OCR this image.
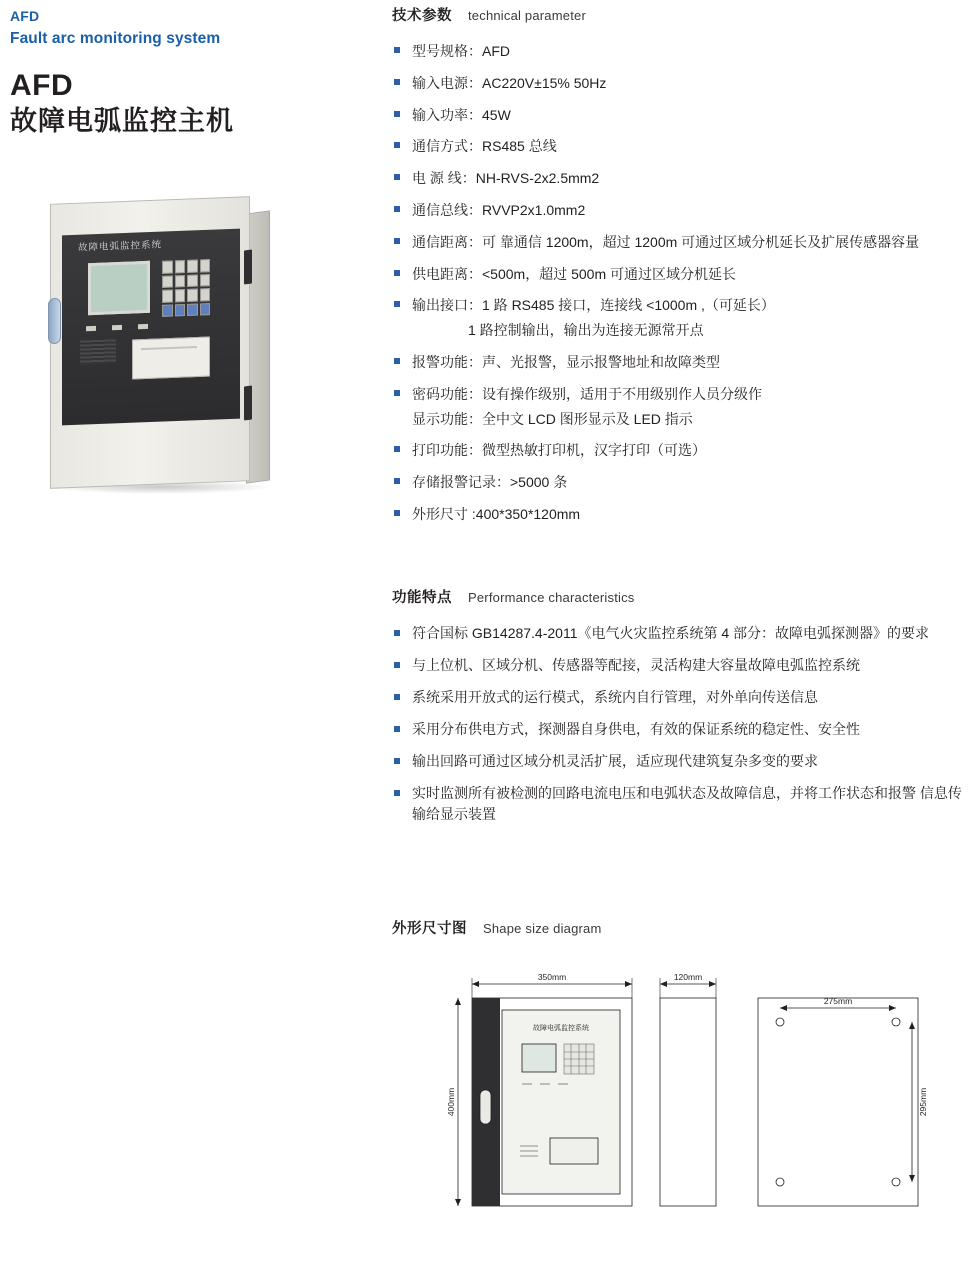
AFD
Fault arc monitoring system
AFD
故障电弧监控主机
故障电弧监控系统
技术参数 technical parameter
型号规格：AFD
输入电源：AC220V±15% 50Hz
输入功率：45W
通信方式：RS485 总线
电 源 线：NH-RVS-2x2.5mm2
通信总线：RVVP2x1.0mm2
通信距离：可 靠通信 1200m，超过 1200m 可通过区域分机延长及扩展传感器容量
供电距离：<500m，超过 500m 可通过区域分机延长
输出接口：1 路 RS485 接口，连接线 <1000m ,（可延长）
1 路控制输出，输出为连接无源常开点
报警功能：声、光报警，显示报警地址和故障类型
密码功能：设有操作级别，适用于不用级别作人员分级作
显示功能：全中文 LCD 图形显示及 LED 指示
打印功能：微型热敏打印机，汉字打印（可选）
存储报警记录：>5000 条
外形尺寸 :400*350*120mm
功能特点 Performance characteristics
符合国标 GB14287.4-2011《电气火灾监控系统第 4 部分：故障电弧探测器》的要求
与上位机、区域分机、传感器等配接，灵活构建大容量故障电弧监控系统
系统采用开放式的运行模式，系统内自行管理，对外单向传送信息
采用分布供电方式，探测器自身供电，有效的保证系统的稳定性、安全性
输出回路可通过区域分机灵活扩展，适应现代建筑复杂多变的要求
实时监测所有被检测的回路电流电压和电弧状态及故障信息，并将工作状态和报警 信息传输给显示装置
外形尺寸图 Shape size diagram
350mm	120mm
275mm
400mm	295mm
故障电弧监控系统
